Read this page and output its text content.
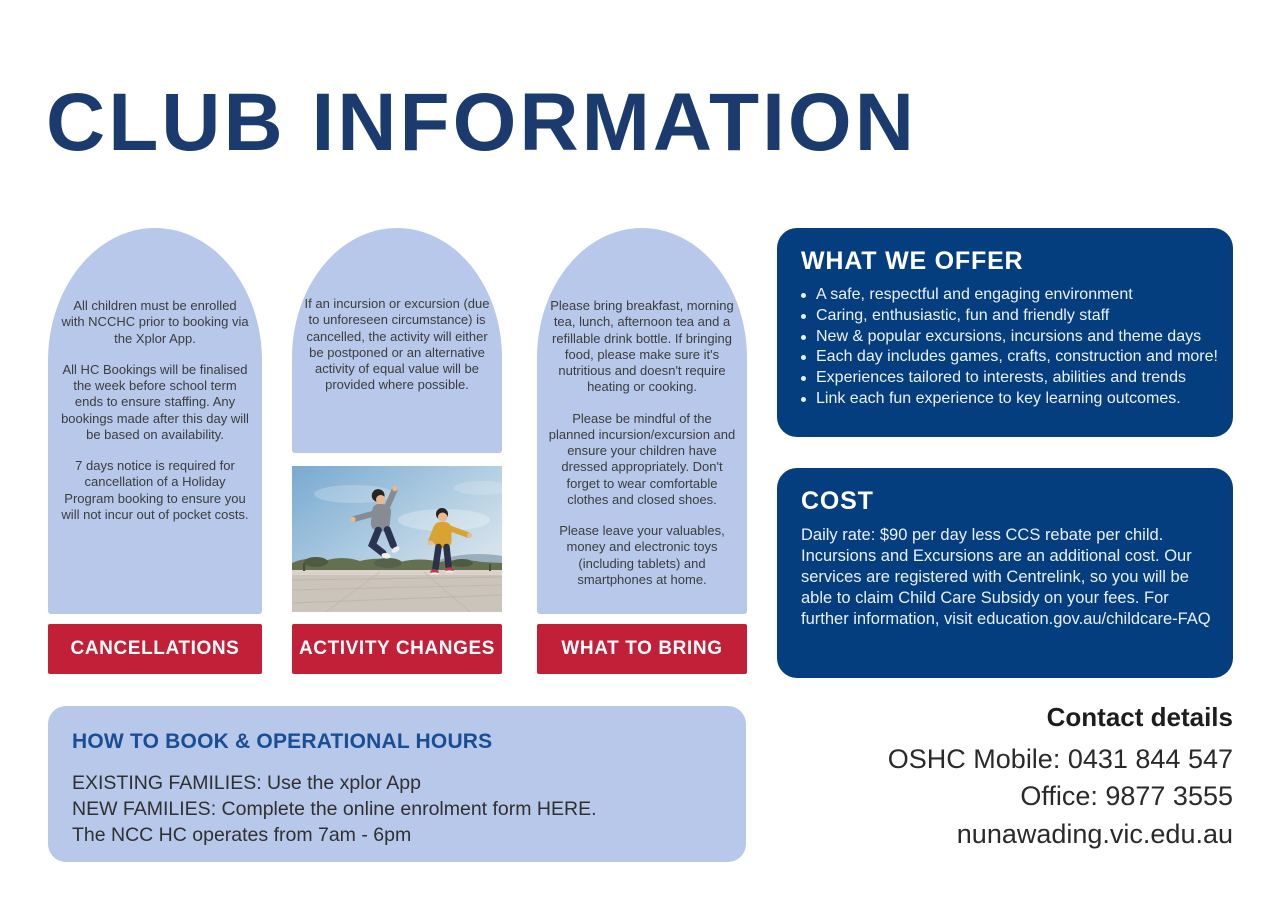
CLUB INFORMATION

All children must be enrolled with NCCHC prior to booking via the Xplor App.

All HC Bookings will be finalised the week before school term ends to ensure staffing. Any bookings made after this day will be based on availability.

7 days notice is required for cancellation of a Holiday Program booking to ensure you will not incur out of pocket costs.

If an incursion or excursion (due to unforeseen circumstance) is cancelled, the activity will either be postponed or an alternative activity of equal value will be provided where possible.

Please bring breakfast, morning tea, lunch, afternoon tea and a refillable drink bottle. If bringing food, please make sure it's nutritious and doesn't require heating or cooking.

Please be mindful of the planned incursion/excursion and ensure your children have dressed appropriately. Don't forget to wear comfortable clothes and closed shoes.

Please leave your valuables, money and electronic toys (including tablets) and smartphones at home.

CANCELLATIONS	ACTIVITY CHANGES	WHAT TO BRING
WHAT WE OFFER
A safe, respectful and engaging environment
Caring, enthusiastic, fun and friendly staff
New & popular excursions, incursions and theme days
Each day includes games, crafts, construction and more!
Experiences tailored to interests, abilities and trends
Link each fun experience to key learning outcomes.
COST

Daily rate: $90 per day less CCS rebate per child. Incursions and Excursions are an additional cost. Our services are registered with Centrelink, so you will be able to claim Child Care Subsidy on your fees. For further information, visit education.gov.au/childcare-FAQ

Contact details
OSHC Mobile: 0431 844 547
Office: 9877 3555
nunawading.vic.edu.au
HOW TO BOOK & OPERATIONAL HOURS
EXISTING FAMILIES: Use the xplor App
NEW FAMILIES: Complete the online enrolment form HERE.
The NCC HC operates from 7am - 6pm
